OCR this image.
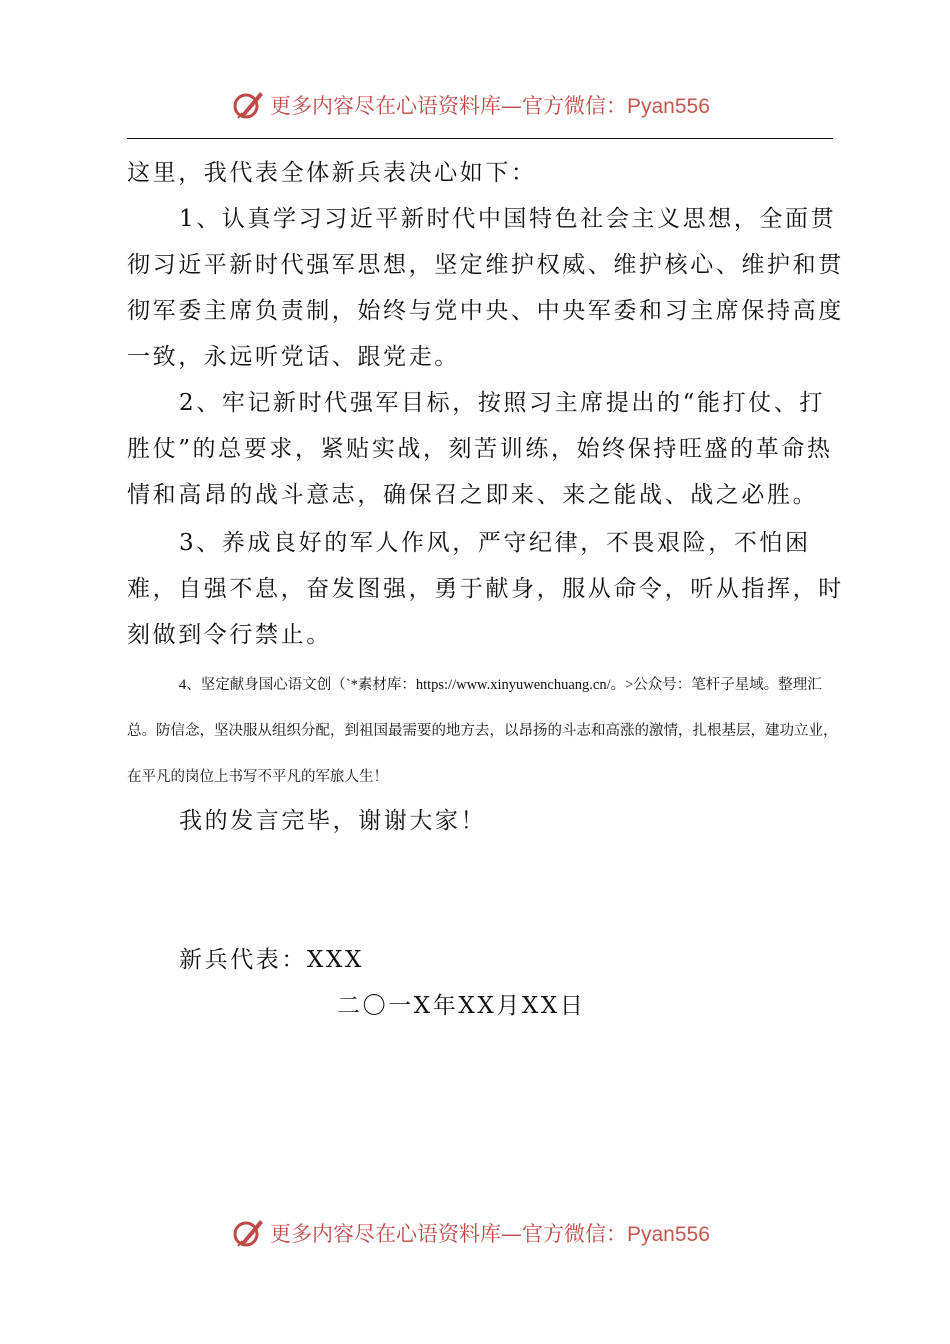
更多内容尽在心语资料库—官方微信：Pyan556

这里，我代表全体新兵表决心如下：

1、认真学习习近平新时代中国特色社会主义思想，全面贯彻习近平新时代强军思想，坚定维护权威、维护核心、维护和贯彻军委主席负责制，始终与党中央、中央军委和习主席保持高度一致，永远听党话、跟党走。

2、牢记新时代强军目标，按照习主席提出的“能打仗、打胜仗”的总要求，紧贴实战，刻苦训练，始终保持旺盛的革命热情和高昂的战斗意志，确保召之即来、来之能战、战之必胜。

3、养成良好的军人作风，严守纪律，不畏艰险，不怕困难，自强不息，奋发图强，勇于献身，服从命令，听从指挥，时刻做到令行禁止。

4、坚定献身国心语文创（`*素材库：https://www.xinyuwenchuang.cn/。>公众号：笔杆子星域。整理汇总。防信念，坚决服从组织分配，到祖国最需要的地方去，以昂扬的斗志和高涨的激情，扎根基层，建功立业，在平凡的岗位上书写不平凡的军旅人生！

我的发言完毕，谢谢大家！

新兵代表：XXX

二〇一X年XX月XX日

更多内容尽在心语资料库—官方微信：Pyan556
